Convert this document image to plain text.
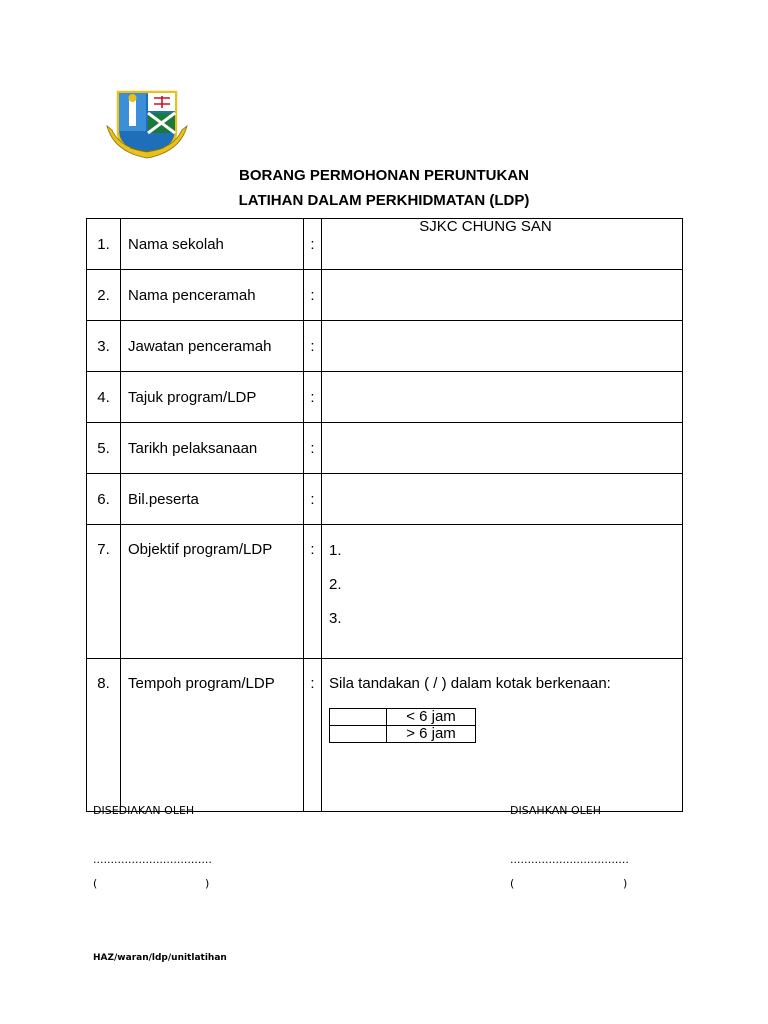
BORANG PERMOHONAN PERUNTUKAN
LATIHAN DALAM PERKHIDMATAN (LDP)
1.	Nama sekolah	:	
SJKC CHUNG SAN

2.	Nama penceramah	:	
3.	Jawatan penceramah	:	
4.	Tajuk program/LDP	:	
5.	Tarikh pelaksanaan	:	
6.	Bil.peserta	:	
7.	Objektif program/LDP	:	1.
2.
3.

8.	Tempoh program/LDP	:	Sila tandakan ( / ) dalam kotak berkenaan:
	< 6 jam
	> 6 jam
DISEDIAKAN OLEH	DISAHKAN OLEH
..................................	..................................
(	)	(	)
HAZ/waran/ldp/unitlatihan
